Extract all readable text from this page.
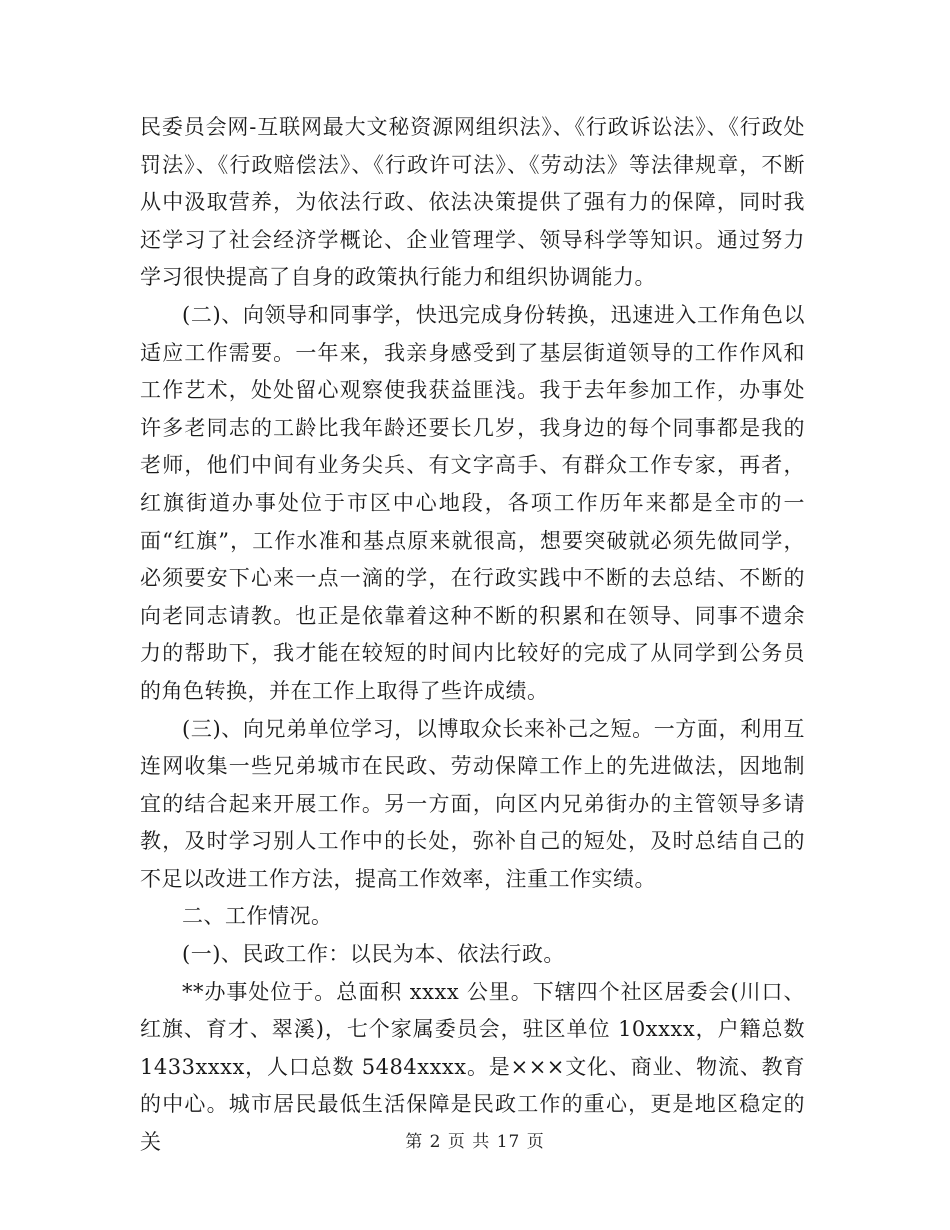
民委员会网-互联网最大文秘资源网组织法》、《行政诉讼法》、《行政处罚法》、《行政赔偿法》、《行政许可法》、《劳动法》等法律规章，不断从中汲取营养，为依法行政、依法决策提供了强有力的保障，同时我还学习了社会经济学概论、企业管理学、领导科学等知识。通过努力学习很快提高了自身的政策执行能力和组织协调能力。

(二)、向领导和同事学，快迅完成身份转换，迅速进入工作角色以适应工作需要。一年来，我亲身感受到了基层街道领导的工作作风和工作艺术，处处留心观察使我获益匪浅。我于去年参加工作，办事处许多老同志的工龄比我年龄还要长几岁，我身边的每个同事都是我的老师，他们中间有业务尖兵、有文字高手、有群众工作专家，再者，红旗街道办事处位于市区中心地段，各项工作历年来都是全市的一面“红旗”，工作水准和基点原来就很高，想要突破就必须先做同学，必须要安下心来一点一滴的学，在行政实践中不断的去总结、不断的向老同志请教。也正是依靠着这种不断的积累和在领导、同事不遗余力的帮助下，我才能在较短的时间内比较好的完成了从同学到公务员的角色转换，并在工作上取得了些许成绩。

(三)、向兄弟单位学习，以博取众长来补己之短。一方面，利用互连网收集一些兄弟城市在民政、劳动保障工作上的先进做法，因地制宜的结合起来开展工作。另一方面，向区内兄弟街办的主管领导多请教，及时学习别人工作中的长处，弥补自己的短处，及时总结自己的不足以改进工作方法，提高工作效率，注重工作实绩。

二、工作情况。

(一)、民政工作：以民为本、依法行政。

**办事处位于。总面积 xxxx 公里。下辖四个社区居委会(川口、红旗、育才、翠溪)，七个家属委员会，驻区单位 10xxxx，户籍总数 1433xxxx，人口总数 5484xxxx。是×××文化、商业、物流、教育的中心。城市居民最低生活保障是民政工作的重心，更是地区稳定的关	第 2 页 共 17 页
